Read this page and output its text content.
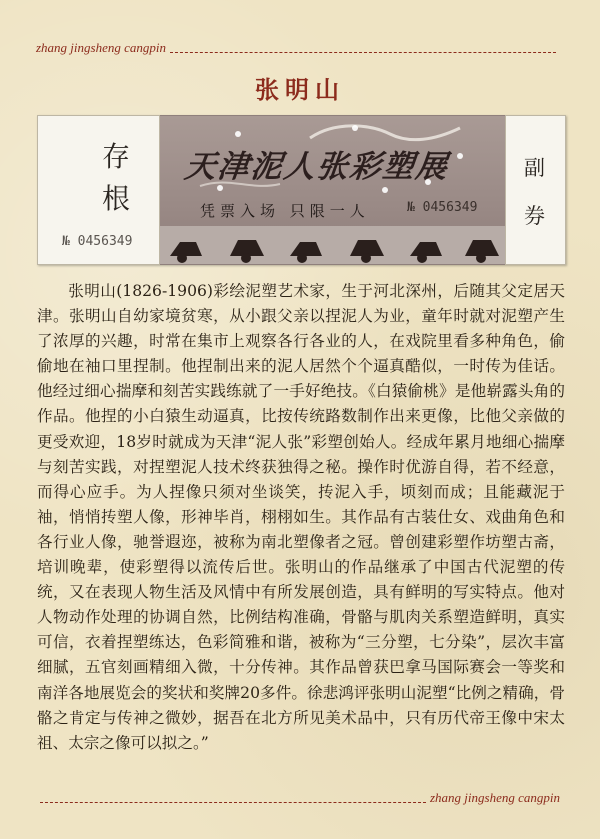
zhang jingsheng cangpin
张明山
存
根
№ 0456349
天津泥人张彩塑展
凭票入场 只限一人	№ 0456349
副
券
张明山(1826-1906)彩绘泥塑艺术家，生于河北深州，后随其父定居天津。张明山自幼家境贫寒，从小跟父亲以捏泥人为业，童年时就对泥塑产生了浓厚的兴趣，时常在集市上观察各行各业的人，在戏院里看多种角色，偷偷地在袖口里捏制。他捏制出来的泥人居然个个逼真酷似，一时传为佳话。他经过细心揣摩和刻苦实践练就了一手好绝技。《白猿偷桃》是他崭露头角的作品。他捏的小白猿生动逼真，比按传统路数制作出来更像，比他父亲做的更受欢迎，18岁时就成为天津“泥人张”彩塑创始人。经成年累月地细心揣摩与刻苦实践，对捏塑泥人技术终获独得之秘。操作时优游自得，若不经意，而得心应手。为人捏像只须对坐谈笑，抟泥入手，顷刻而成；且能藏泥于袖，悄悄抟塑人像，形神毕肖，栩栩如生。其作品有古装仕女、戏曲角色和各行业人像，驰誉遐迩，被称为南北塑像者之冠。曾创建彩塑作坊塑古斋，培训晚辈，使彩塑得以流传后世。张明山的作品继承了中国古代泥塑的传统，又在表现人物生活及风情中有所发展创造，具有鲜明的写实特点。他对人物动作处理的协调自然，比例结构准确，骨骼与肌肉关系塑造鲜明，真实可信，衣着捏塑练达，色彩简雅和谐，被称为“三分塑，七分染”，层次丰富细腻，五官刻画精细入微，十分传神。其作品曾获巴拿马国际赛会一等奖和南洋各地展览会的奖状和奖牌20多件。徐悲鸿评张明山泥塑“比例之精确，骨骼之肯定与传神之微妙，据吾在北方所见美术品中，只有历代帝王像中宋太祖、太宗之像可以拟之。”
zhang jingsheng cangpin
